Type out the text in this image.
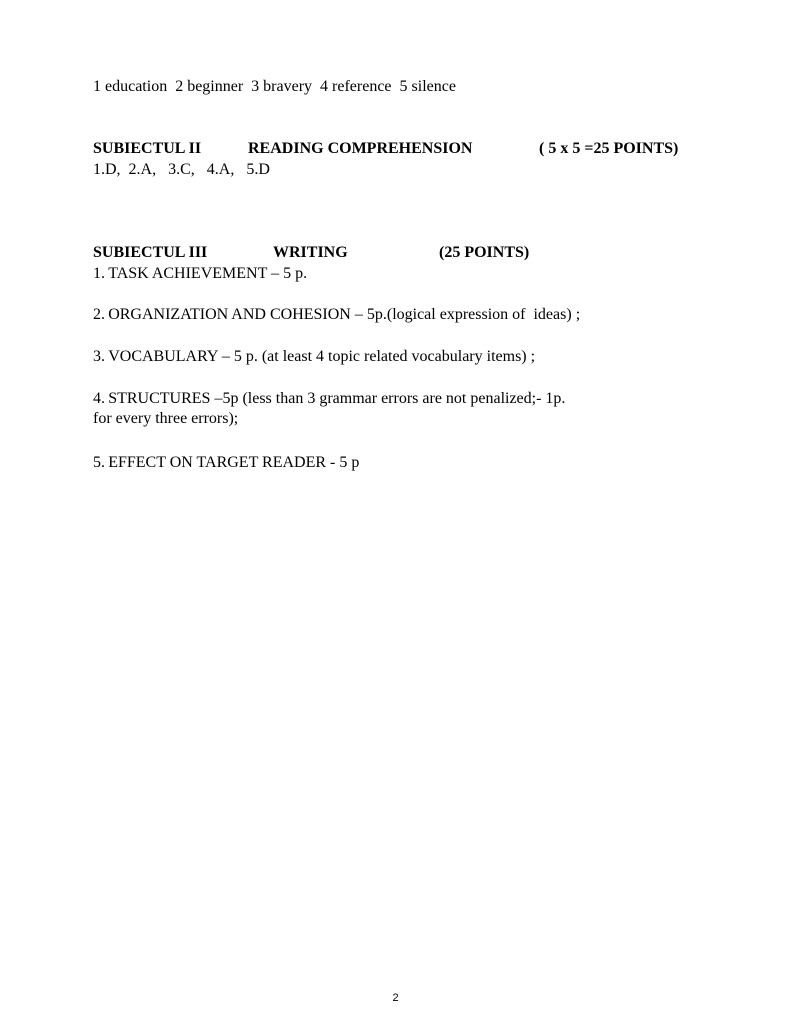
1 education  2 beginner  3 bravery  4 reference  5 silence
SUBIECTUL II	READING COMPREHENSION	( 5 x 5 =25 POINTS)
1.D,  2.A,   3.C,   4.A,   5.D
SUBIECTUL III	WRITING	(25 POINTS)
1. TASK ACHIEVEMENT – 5 p.
2. ORGANIZATION AND COHESION – 5p.(logical expression of  ideas) ;
3. VOCABULARY – 5 p. (at least 4 topic related vocabulary items) ;
4. STRUCTURES –5p (less than 3 grammar errors are not penalized;- 1p.
for every three errors);
5. EFFECT ON TARGET READER - 5 p
2
